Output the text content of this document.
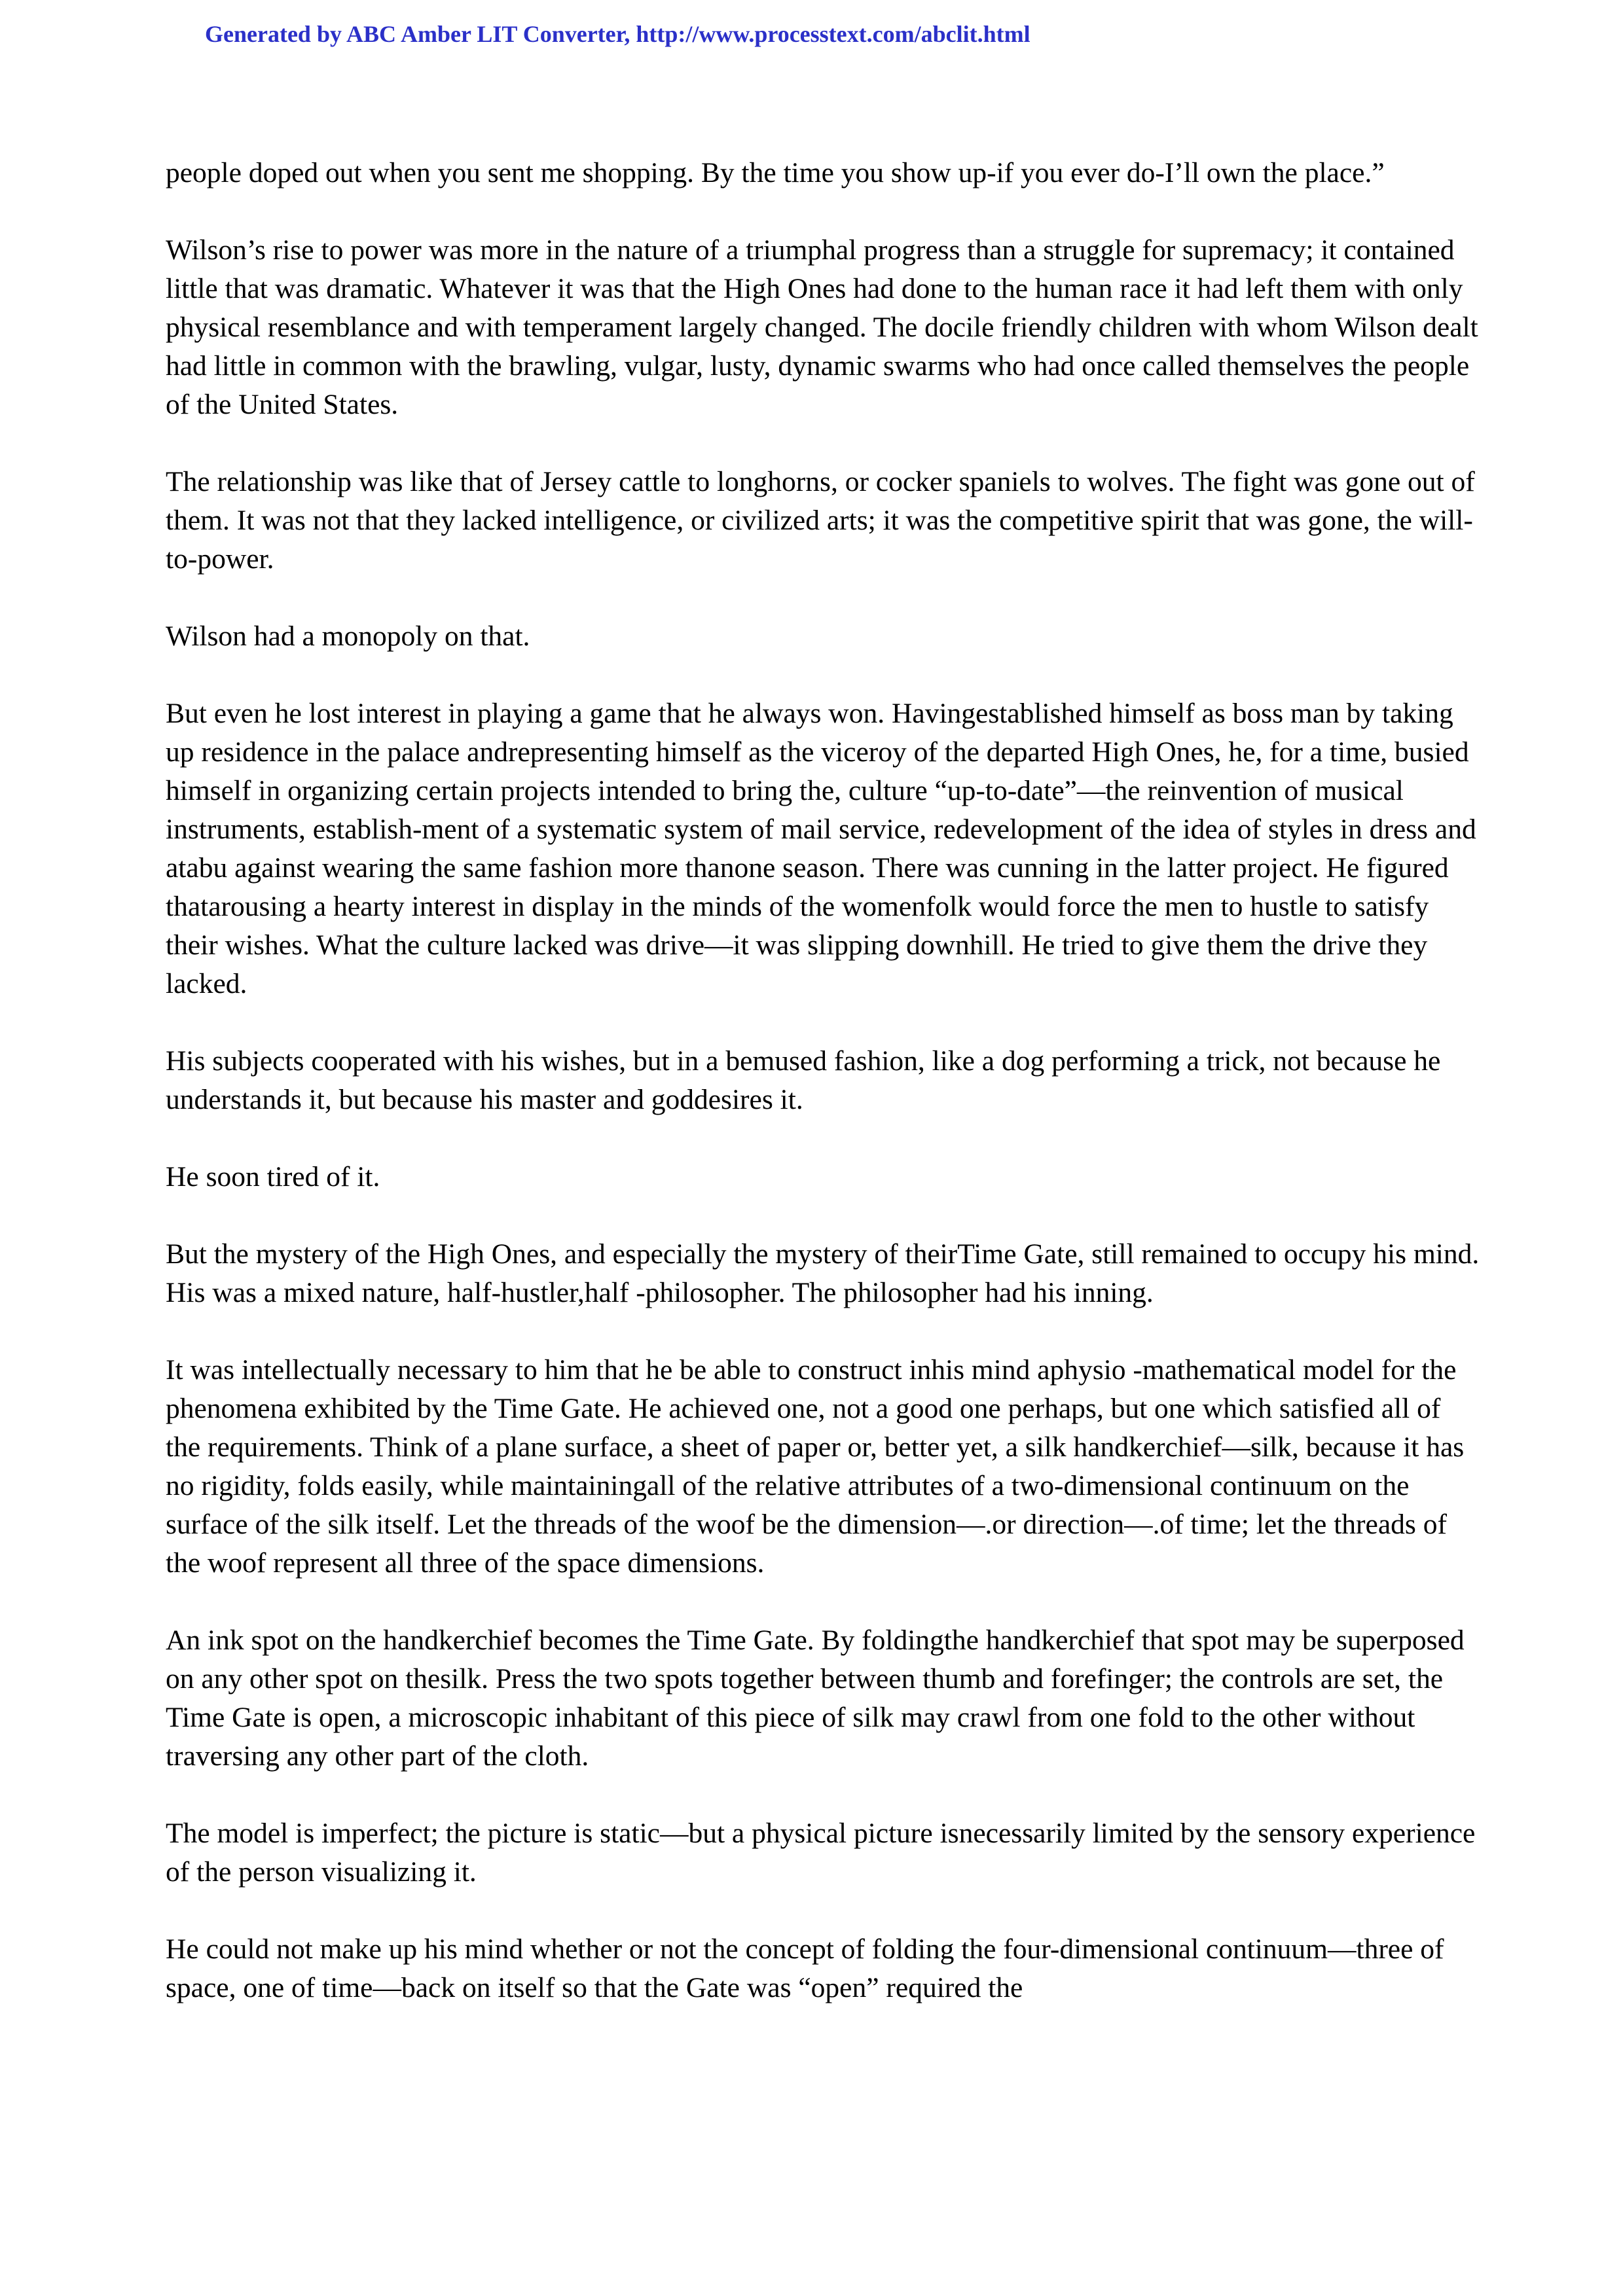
Generated by ABC Amber LIT Converter, http://www.processtext.com/abclit.html

people doped out when you sent me shopping. By the time you show up-if you ever do-I’ll own the place.”

Wilson’s rise to power was more in the nature of a triumphal progress than a struggle for supremacy; it contained little that was dramatic. Whatever it was that the High Ones had done to the human race it had left them with only physical resemblance and with temperament largely changed. The docile friendly children with whom Wilson dealt had little in common with the brawling, vulgar, lusty, dynamic swarms who had once called themselves the people of the United States.

The relationship was like that of Jersey cattle to longhorns, or cocker spaniels to wolves. The fight was gone out of them. It was not that they lacked intelligence, or civilized arts; it was the competitive spirit that was gone, the will-to-power.

Wilson had a monopoly on that.

But even he lost interest in playing a game that he always won. Havingestablished himself as boss man by taking up residence in the palace andrepresenting himself as the viceroy of the departed High Ones, he, for a time, busied himself in organizing certain projects intended to bring the, culture “up-to-date”—the reinvention of musical instruments, establish-ment of a systematic system of mail service, redevelopment of the idea of styles in dress and atabu against wearing the same fashion more thanone season. There was cunning in the latter project. He figured thatarousing a hearty interest in display in the minds of the womenfolk would force the men to hustle to satisfy their wishes. What the culture lacked was drive—it was slipping downhill. He tried to give them the drive they lacked.

His subjects cooperated with his wishes, but in a bemused fashion, like a dog performing a trick, not because he understands it, but because his master and goddesires it.

He soon tired of it.

But the mystery of the High Ones, and especially the mystery of theirTime Gate, still remained to occupy his mind. His was a mixed nature, half-hustler,half -philosopher. The philosopher had his inning.

It was intellectually necessary to him that he be able to construct inhis mind aphysio -mathematical model for the phenomena exhibited by the Time Gate. He achieved one, not a good one perhaps, but one which satisfied all of the requirements. Think of a plane surface, a sheet of paper or, better yet, a silk handkerchief—silk, because it has no rigidity, folds easily, while maintainingall of the relative attributes of a two-dimensional continuum on the surface of the silk itself. Let the threads of the woof be the dimension—.or direction—.of time; let the threads of the woof represent all three of the space dimensions.

An ink spot on the handkerchief becomes the Time Gate. By foldingthe handkerchief that spot may be superposed on any other spot on thesilk. Press the two spots together between thumb and forefinger; the controls are set, the Time Gate is open, a microscopic inhabitant of this piece of silk may crawl from one fold to the other without traversing any other part of the cloth.

The model is imperfect; the picture is static—but a physical picture isnecessarily limited by the sensory experience of the person visualizing it.

He could not make up his mind whether or not the concept of folding the four-dimensional continuum—three of space, one of time—back on itself so that the Gate was “open” required the
